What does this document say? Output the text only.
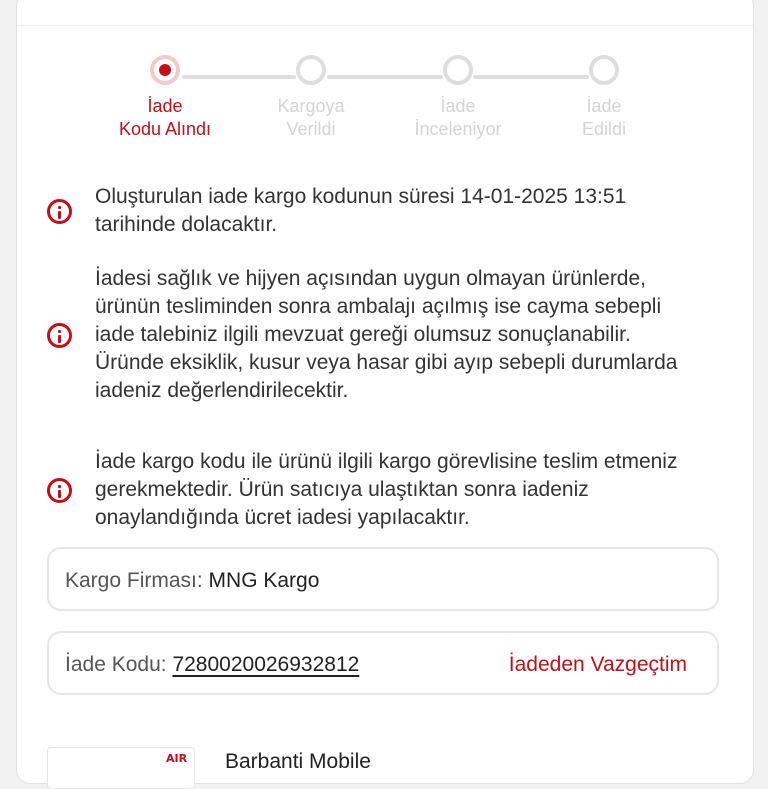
İade
Kodu Alındı
Kargoya
Verildi
İade
İnceleniyor
İade
Edildi
Oluşturulan iade kargo kodunun süresi 14-01-2025 13:51 tarihinde dolacaktır.
İadesi sağlık ve hijyen açısından uygun olmayan ürünlerde, ürünün tesliminden sonra ambalajı açılmış ise cayma sebepli iade talebiniz ilgili mevzuat gereği olumsuz sonuçlanabilir. Üründe eksiklik, kusur veya hasar gibi ayıp sebepli durumlarda iadeniz değerlendirilecektir.
İade kargo kodu ile ürünü ilgili kargo görevlisine teslim etmeniz gerekmektedir. Ürün satıcıya ulaştıktan sonra iadeniz onaylandığında ücret iadesi yapılacaktır.
Kargo Firması: MNG Kargo
İade Kodu: 7280020026932812	İadeden Vazgeçtim
AIR Barbanti Mobile
